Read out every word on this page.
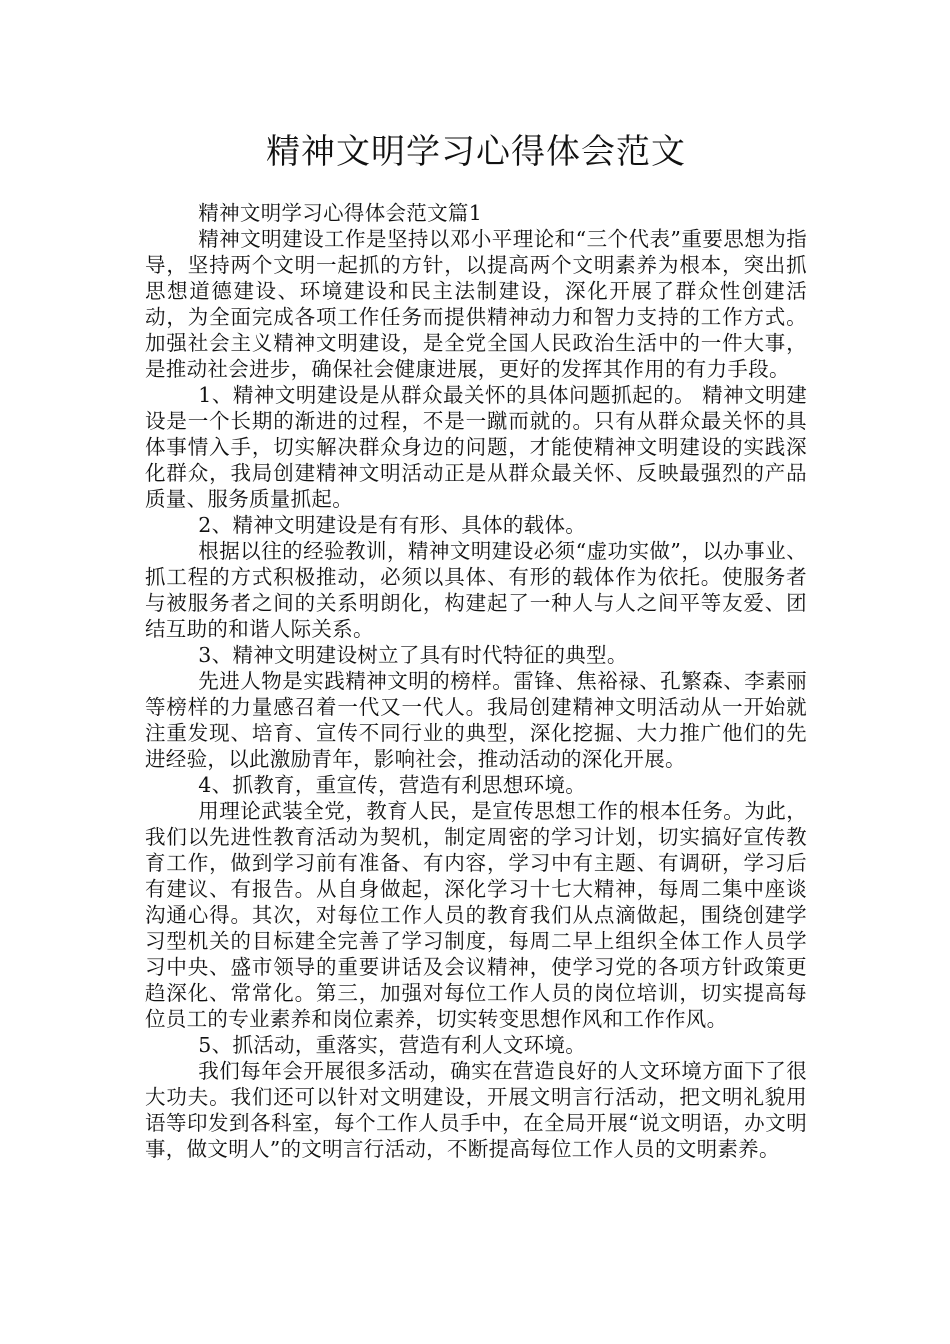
精神文明学习心得体会范文

精神文明学习心得体会范文篇1

精神文明建设工作是坚持以邓小平理论和“三个代表”重要思想为指导，坚持两个文明一起抓的方针，以提高两个文明素养为根本，突出抓思想道德建设、环境建设和民主法制建设，深化开展了群众性创建活动，为全面完成各项工作任务而提供精神动力和智力支持的工作方式。加强社会主义精神文明建设，是全党全国人民政治生活中的一件大事，是推动社会进步，确保社会健康进展，更好的发挥其作用的有力手段。

1、精神文明建设是从群众最关怀的具体问题抓起的。 精神文明建设是一个长期的渐进的过程，不是一蹴而就的。只有从群众最关怀的具体事情入手，切实解决群众身边的问题，才能使精神文明建设的实践深化群众，我局创建精神文明活动正是从群众最关怀、反映最强烈的产品质量、服务质量抓起。

2、精神文明建设是有有形、具体的载体。

根据以往的经验教训，精神文明建设必须“虚功实做”，以办事业、抓工程的方式积极推动，必须以具体、有形的载体作为依托。使服务者与被服务者之间的关系明朗化，构建起了一种人与人之间平等友爱、团结互助的和谐人际关系。

3、精神文明建设树立了具有时代特征的典型。

先进人物是实践精神文明的榜样。雷锋、焦裕禄、孔繁森、李素丽等榜样的力量感召着一代又一代人。我局创建精神文明活动从一开始就注重发现、培育、宣传不同行业的典型，深化挖掘、大力推广他们的先进经验，以此激励青年，影响社会，推动活动的深化开展。

4、抓教育，重宣传，营造有利思想环境。

用理论武装全党，教育人民，是宣传思想工作的根本任务。为此，我们以先进性教育活动为契机，制定周密的学习计划，切实搞好宣传教育工作，做到学习前有准备、有内容，学习中有主题、有调研，学习后有建议、有报告。从自身做起，深化学习十七大精神，每周二集中座谈沟通心得。其次，对每位工作人员的教育我们从点滴做起，围绕创建学习型机关的目标建全完善了学习制度，每周二早上组织全体工作人员学习中央、盛市领导的重要讲话及会议精神，使学习党的各项方针政策更趋深化、常常化。第三，加强对每位工作人员的岗位培训，切实提高每位员工的专业素养和岗位素养，切实转变思想作风和工作作风。

5、抓活动，重落实，营造有利人文环境。

我们每年会开展很多活动，确实在营造良好的人文环境方面下了很大功夫。我们还可以针对文明建设，开展文明言行活动，把文明礼貌用语等印发到各科室，每个工作人员手中，在全局开展“说文明语，办文明事，做文明人”的文明言行活动，不断提高每位工作人员的文明素养。
